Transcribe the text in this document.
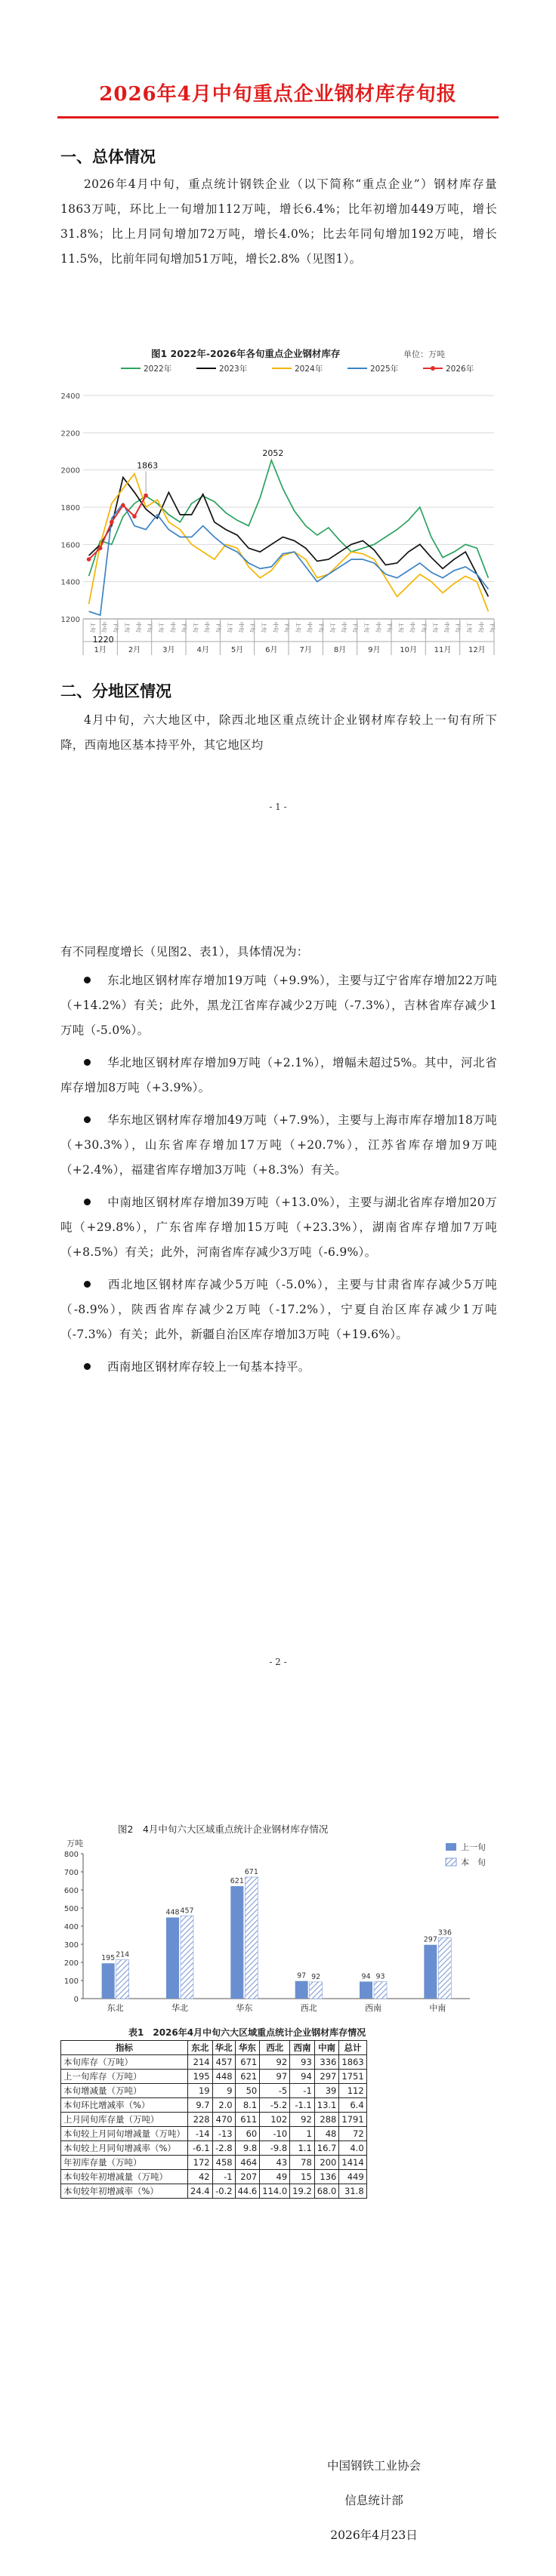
2026年4月中旬重点企业钢材库存旬报
一、总体情况

2026年4月中旬，重点统计钢铁企业（以下简称“重点企业”）钢材库存量1863万吨，环比上一旬增加112万吨，增长6.4%；比年初增加449万吨，增长31.8%；比上月同旬增加72万吨，增长4.0%；比去年同旬增加192万吨，增长11.5%，比前年同旬增加51万吨，增长2.8%（见图1）。

图1 2022年-2026年各旬重点企业钢材库存	单位：万吨
2022年	2023年	2024年	2025年	2026年
1200
1400
1600
1800
2000
2200
2400
上旬 中旬 下旬 上旬 中旬 下旬 上旬 中旬 下旬 上旬 中旬 下旬 上旬 中旬 下旬 上旬 中旬 下旬 上旬 中旬 下旬 上旬 中旬 下旬 上旬 中旬 下旬 上旬 中旬 下旬 上旬 中旬 下旬 上旬 中旬 下旬
1月	2月	3月	4月	5月	6月	7月	8月	9月	10月 11月 12月
2052
1863
1220
二、分地区情况

4月中旬，六大地区中，除西北地区重点统计企业钢材库存较上一旬有所下降，西南地区基本持平外，其它地区均

- 1 -

有不同程度增长（见图2、表1），具体情况为：

东北地区钢材库存增加19万吨（+9.9%），主要与辽宁省库存增加22万吨（+14.2%）有关；此外，黑龙江省库存减少2万吨（-7.3%），吉林省库存减少1万吨（-5.0%）。

华北地区钢材库存增加9万吨（+2.1%），增幅未超过5%。其中，河北省库存增加8万吨（+3.9%）。

华东地区钢材库存增加49万吨（+7.9%），主要与上海市库存增加18万吨（+30.3%），山东省库存增加17万吨（+20.7%），江苏省库存增加9万吨（+2.4%），福建省库存增加3万吨（+8.3%）有关。

中南地区钢材库存增加39万吨（+13.0%），主要与湖北省库存增加20万吨（+29.8%），广东省库存增加15万吨（+23.3%），湖南省库存增加7万吨（+8.5%）有关；此外，河南省库存减少3万吨（-6.9%）。

西北地区钢材库存减少5万吨（-5.0%），主要与甘肃省库存减少5万吨（-8.9%），陕西省库存减少2万吨（-17.2%），宁夏自治区库存减少1万吨（-7.3%）有关；此外，新疆自治区库存增加3万吨（+19.6%）。

西南地区钢材库存较上一旬基本持平。

- 2 -
图2　4月中旬六大区域重点统计企业钢材库存情况
万吨
0
100
200
300
400
500
600
700
800
东北	华北	华东	西北	西南	中南
195 214
448 457
621
671
97 92	94 93
297
336
上一旬
本　旬
表1　2026年4月中旬六大区域重点统计企业钢材库存情况
指标	东北	华北	华东	西北	西南	中南	总计
本旬库存（万吨）	214	457	671	92	93	336	1863
上一旬库存（万吨）	195	448	621	97	94	297	1751
本旬增减量（万吨）	19	9	50	-5	-1	39	112
本旬环比增减率（%）	9.7	2.0	8.1	-5.2	-1.1	13.1	6.4
上月同旬库存量（万吨）	228	470	611	102	92	288	1791
本旬较上月同旬增减量（万吨）	-14	-13	60	-10	1	48	72
本旬较上月同旬增减率（%）	-6.1	-2.8	9.8	-9.8	1.1	16.7	4.0
年初库存量（万吨）	172	458	464	43	78	200	1414
本旬较年初增减量（万吨）	42	-1	207	49	15	136	449
本旬较年初增减率（%）	24.4	-0.2	44.6	114.0	19.2	68.0	31.8
中国钢铁工业协会
信息统计部
2026年4月23日
